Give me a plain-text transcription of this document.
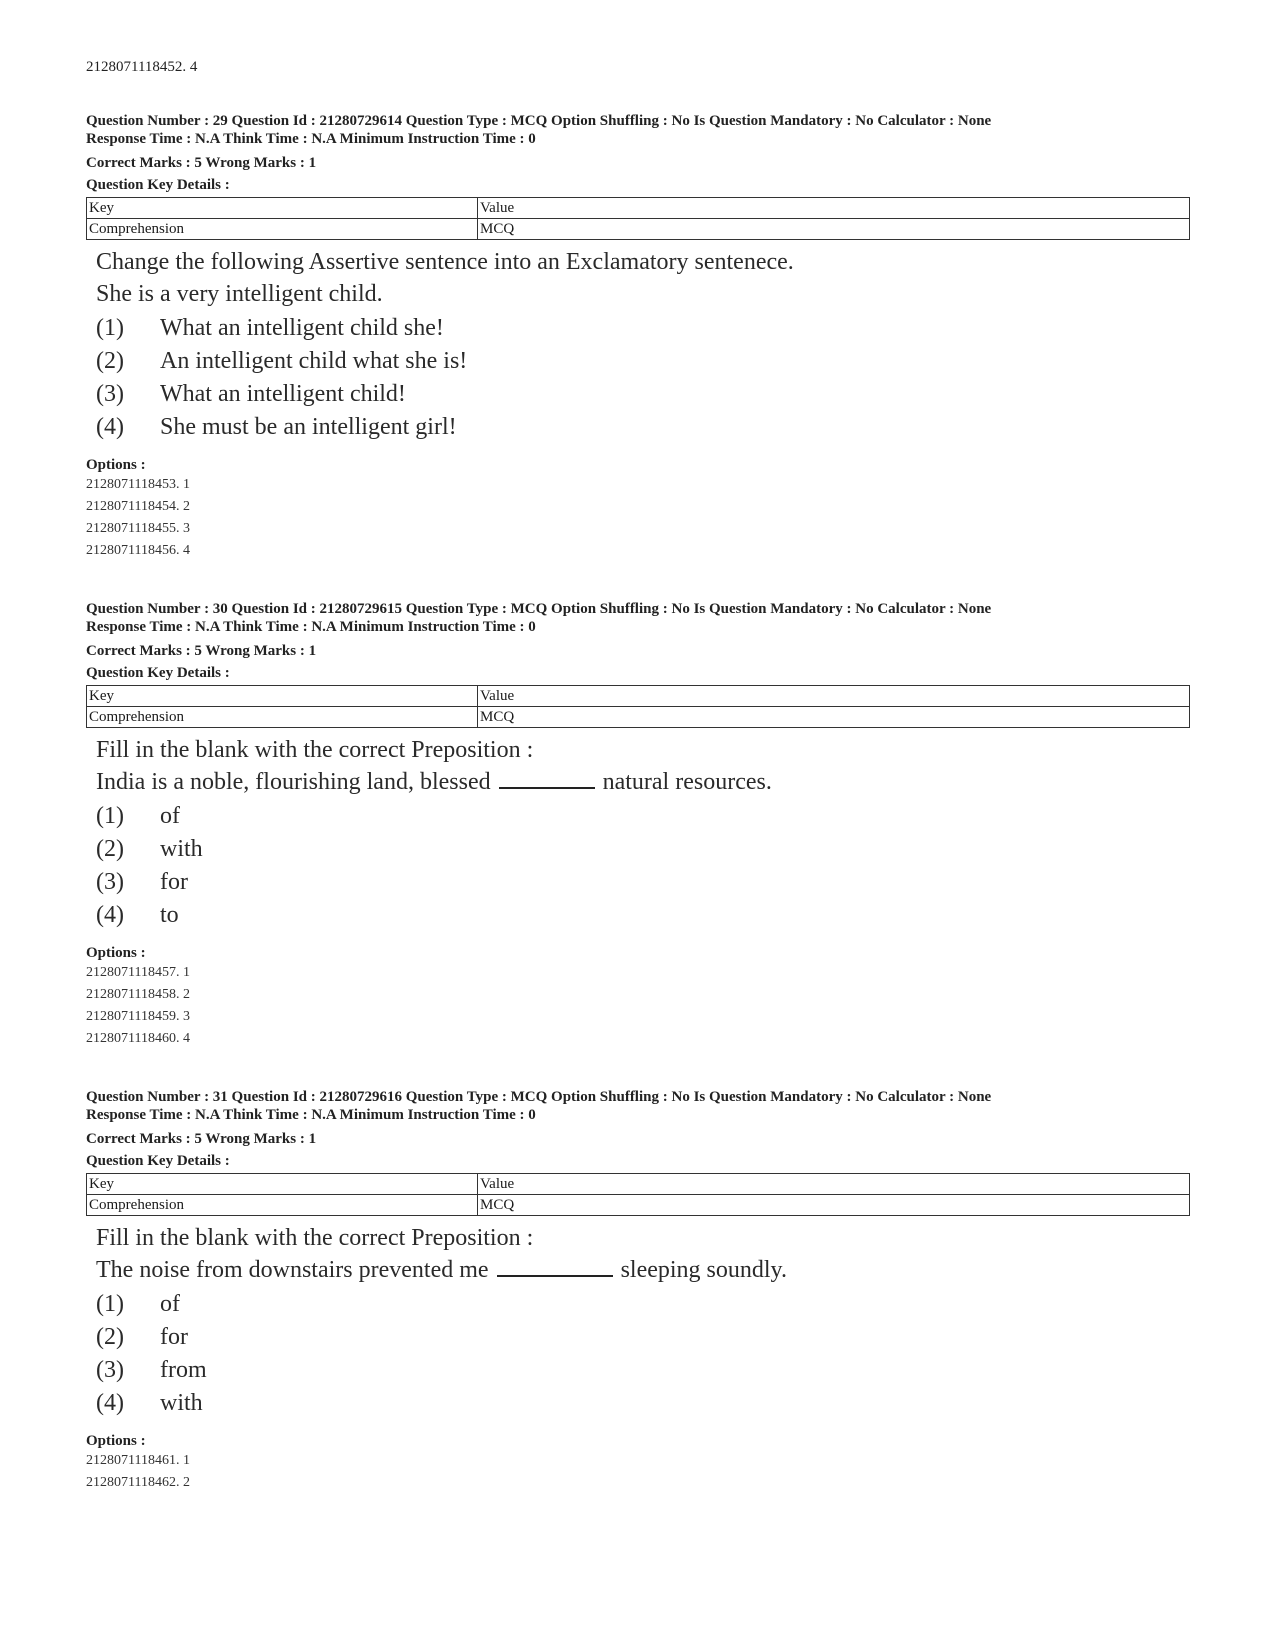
2128071118452. 4
Question Number : 29 Question Id : 21280729614 Question Type : MCQ Option Shuffling : No Is Question Mandatory : No Calculator : None
Response Time : N.A Think Time : N.A Minimum Instruction Time : 0
Correct Marks : 5 Wrong Marks : 1
Question Key Details :
Key	Value
Comprehension	MCQ
Change the following Assertive sentence into an Exclamatory sentenece.
She is a very intelligent child.
(1)	What an intelligent child she!
(2)	An intelligent child what she is!
(3)	What an intelligent child!
(4)	She must be an intelligent girl!
Options :
2128071118453. 1
2128071118454. 2
2128071118455. 3
2128071118456. 4
Question Number : 30 Question Id : 21280729615 Question Type : MCQ Option Shuffling : No Is Question Mandatory : No Calculator : None
Response Time : N.A Think Time : N.A Minimum Instruction Time : 0
Correct Marks : 5 Wrong Marks : 1
Question Key Details :
Key	Value
Comprehension	MCQ
Fill in the blank with the correct Preposition :
India is a noble, flourishing land, blessed	natural resources.
(1)	of
(2)	with
(3)	for
(4)	to
Options :
2128071118457. 1
2128071118458. 2
2128071118459. 3
2128071118460. 4
Question Number : 31 Question Id : 21280729616 Question Type : MCQ Option Shuffling : No Is Question Mandatory : No Calculator : None
Response Time : N.A Think Time : N.A Minimum Instruction Time : 0
Correct Marks : 5 Wrong Marks : 1
Question Key Details :
Key	Value
Comprehension	MCQ
Fill in the blank with the correct Preposition :
The noise from downstairs prevented me	sleeping soundly.
(1)	of
(2)	for
(3)	from
(4)	with
Options :
2128071118461. 1
2128071118462. 2
